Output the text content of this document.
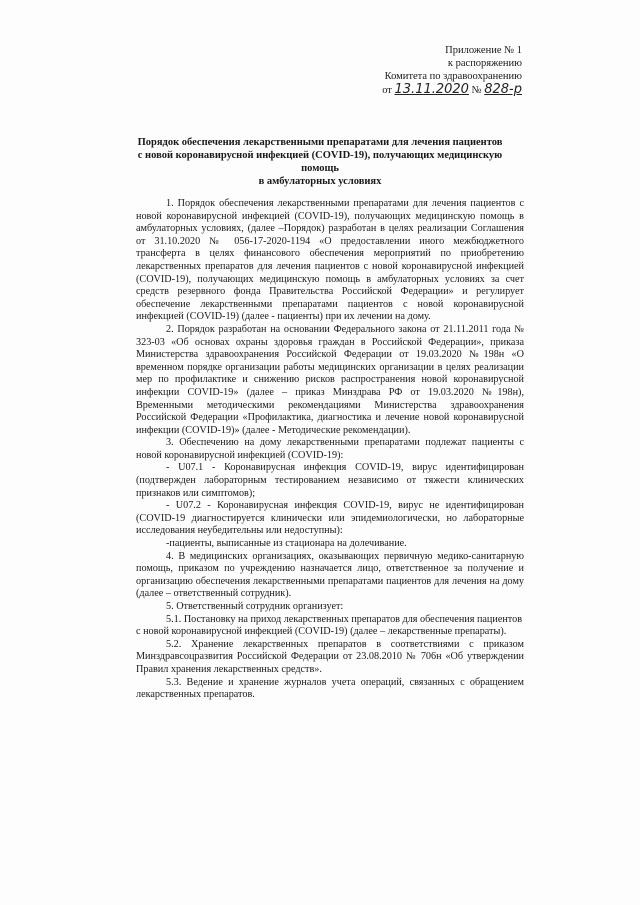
Приложение № 1
к распоряжению
Комитета по здравоохранению
от 13.11.2020 № 828-р
Порядок обеспечения лекарственными препаратами для лечения пациентов
с новой коронавирусной инфекцией (COVID-19), получающих медицинскую помощь
в амбулаторных условиях

1. Порядок обеспечения лекарственными препаратами для лечения пациентов с новой коронавирусной инфекцией (COVID-19), получающих медицинскую помощь в амбулаторных условиях, (далее –Порядок) разработан в целях реализации Соглашения от 31.10.2020 № 056-17-2020-1194 «О предоставлении иного межбюджетного трансферта в целях финансового обеспечения мероприятий по приобретению лекарственных препаратов для лечения пациентов с новой коронавирусной инфекцией (COVID-19), получающих медицинскую помощь в амбулаторных условиях за счет средств резервного фонда Правительства Российской Федерации» и регулирует обеспечение лекарственными препаратами пациентов с новой коронавирусной инфекцией (COVID-19) (далее - пациенты) при их лечении на дому.

2. Порядок разработан на основании Федерального закона от 21.11.2011 года № 323-03 «Об основах охраны здоровья граждан в Российской Федерации», приказа Министерства здравоохранения Российской Федерации от 19.03.2020 №198н «О временном порядке организации работы медицинских организации в целях реализации мер по профилактике и снижению рисков распространения новой коронавирусной инфекции COVID-19» (далее – приказ Минздрава РФ от 19.03.2020 №198н), Временными методическими рекомендациями Министерства здравоохранения Российской Федерации «Профилактика, диагностика и лечение новой коронавирусной инфекции (COVID-19)» (далее - Методические рекомендации).

3. Обеспечению на дому лекарственными препаратами подлежат пациенты с новой коронавирусной инфекцией (COVID-19):

- U07.1 - Коронавирусная инфекция COVID-19, вирус идентифицирован (подтвержден лабораторным тестированием независимо от тяжести клинических признаков или симптомов);

- U07.2 - Коронавирусная инфекция COVID-19, вирус не идентифицирован (COVID-19 диагностируется клинически или эпидемиологически, но лабораторные исследования неубедительны или недоступны):

-пациенты, выписанные из стационара на долечивание.

4. В медицинских организациях, оказывающих первичную медико-санитарную помощь, приказом по учреждению назначается лицо, ответственное за получение и организацию обеспечения лекарственными препаратами пациентов для лечения на дому (далее – ответственный сотрудник).

5. Ответственный сотрудник организует:

5.1. Постановку на приход лекарственных препаратов для обеспечения пациентов

с новой коронавирусной инфекцией (COVID-19) (далее – лекарственные препараты).

5.2. Хранение лекарственных препаратов в соответствиями с приказом Минздравсоцразвития Российской Федерации от 23.08.2010 № 706н «Об утверждении Правил хранения лекарственных средств».

5.3. Ведение и хранение журналов учета операций, связанных с обращением лекарственных препаратов.
